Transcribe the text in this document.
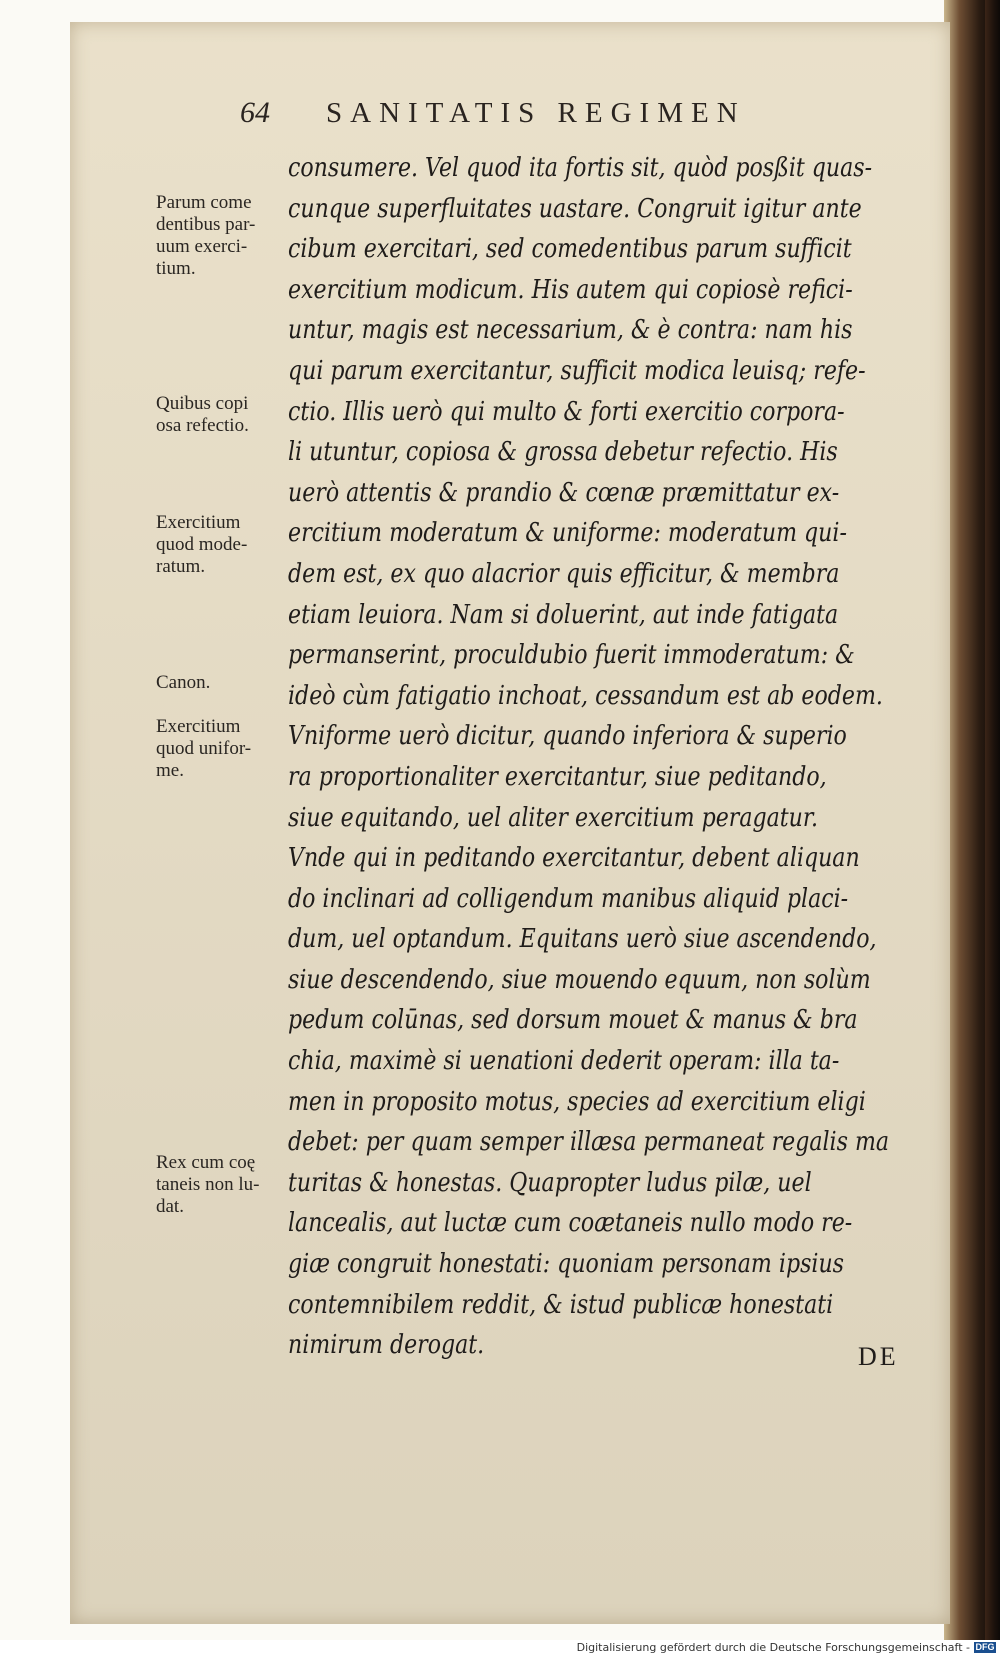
64 SANITATIS REGIMEN
consumere. Vel quod ita fortis sit, quòd posßit quas-
cunque superfluitates uastare. Congruit igitur ante
cibum exercitari, sed comedentibus parum sufficit
exercitium modicum. His autem qui copiosè refici-
untur, magis est necessarium, & è contra: nam his
qui parum exercitantur, sufficit modica leuisq; refe-
ctio. Illis uerò qui multo & forti exercitio corpora-
li utuntur, copiosa & grossa debetur refectio. His
uerò attentis & prandio & cœnæ præmittatur ex-
ercitium moderatum & uniforme: moderatum qui-
dem est, ex quo alacrior quis efficitur, & membra
etiam leuiora. Nam si doluerint, aut inde fatigata
permanserint, proculdubio fuerit immoderatum: &
ideò cùm fatigatio inchoat, cessandum est ab eodem.
Vniforme uerò dicitur, quando inferiora & superio
ra proportionaliter exercitantur, siue peditando,
siue equitando, uel aliter exercitium peragatur.
Vnde qui in peditando exercitantur, debent aliquan
do inclinari ad colligendum manibus aliquid placi-
dum, uel optandum. Equitans uerò siue ascendendo,
siue descendendo, siue mouendo equum, non solùm
pedum colūnas, sed dorsum mouet & manus & bra
chia, maximè si uenationi dederit operam: illa ta-
men in proposito motus, species ad exercitium eligi
debet: per quam semper illæsa permaneat regalis ma
turitas & honestas. Quapropter ludus pilæ, uel
lancealis, aut luctæ cum coætaneis nullo modo re-
giæ congruit honestati: quoniam personam ipsius
contemnibilem reddit, & istud publicæ honestati
nimirum derogat.
Parum come
dentibus par-
uum exerci-
tium.
Quibus copi
osa refectio.
Exercitium
quod mode-
ratum.
Canon.
Exercitium
quod unifor-
me.
Rex cum coę
taneis non lu-
dat.
DE
Digitalisierung gefördert durch die Deutsche Forschungsgemeinschaft - DFG
